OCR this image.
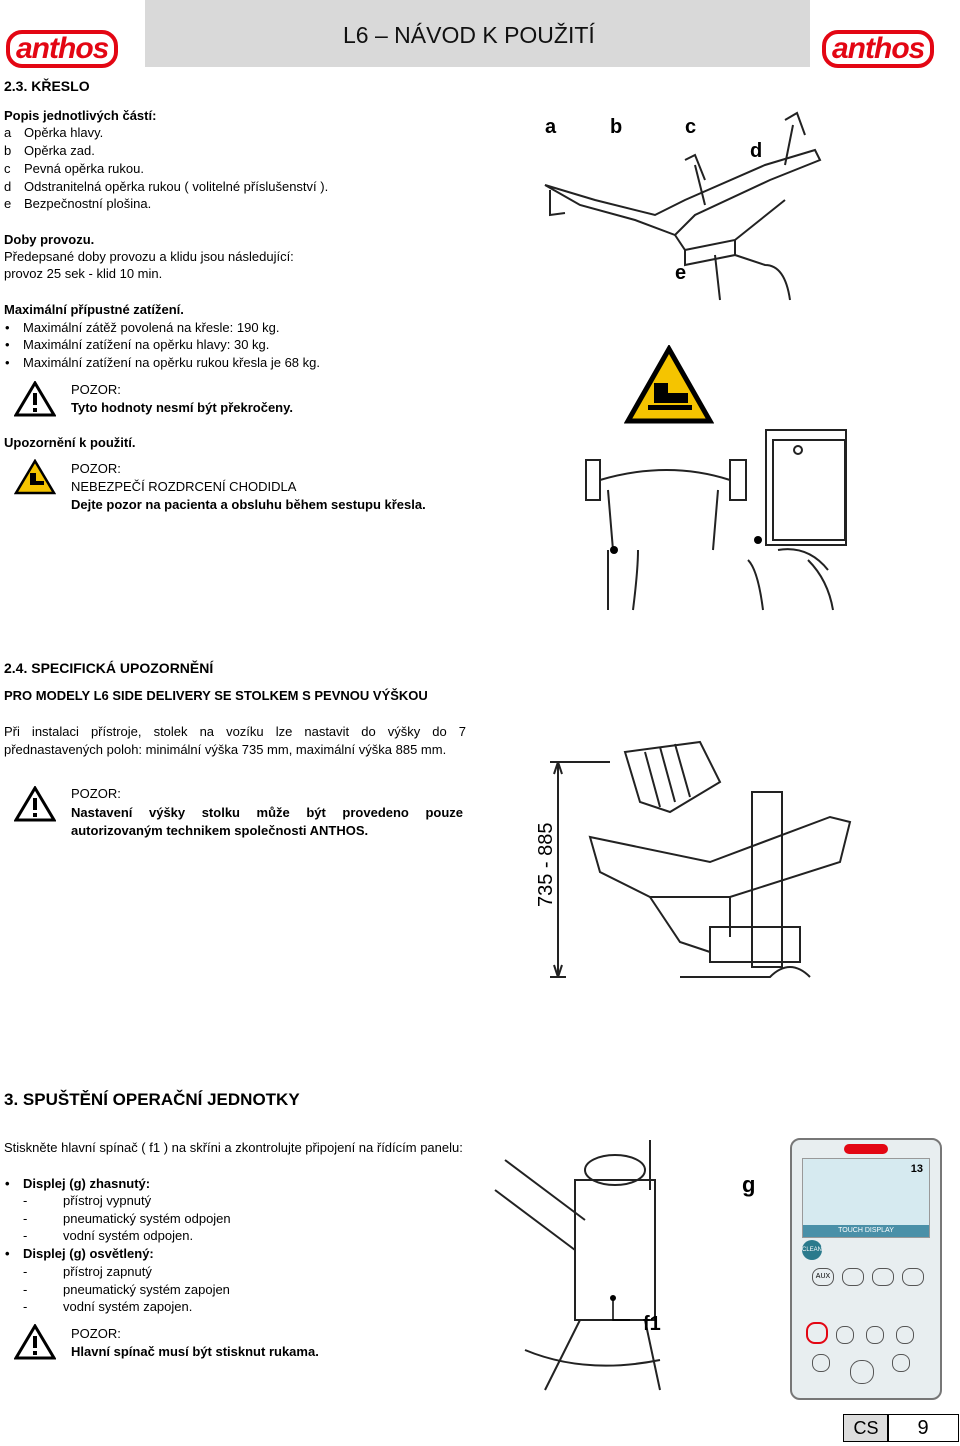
anthos	L6 – NÁVOD K POUŽITÍ	anthos
2.3. KŘESLO
Popis jednotlivých částí:
a Opěrka hlavy.
b Opěrka zad.
c Pevná opěrka rukou.
d Odstranitelná opěrka rukou ( volitelné příslušenství ).
e Bezpečnostní plošina.
Doby provozu.
Předepsané doby provozu a klidu jsou následující:
provoz 25 sek - klid 10 min.
Maximální přípustné zatížení.
• Maximální zátěž povolená na křesle: 190 kg.
• Maximální zatížení na opěrku hlavy: 30 kg.
• Maximální zatížení na opěrku rukou křesla je 68 kg.
POZOR:
Tyto hodnoty nesmí být překročeny.
Upozornění k použití.
POZOR:
NEBEZPEČÍ ROZDRCENÍ CHODIDLA
Dejte pozor na pacienta a obsluhu během sestupu křesla.
a	b	c
d
e
2.4. SPECIFICKÁ UPOZORNĚNÍ
PRO MODELY L6 SIDE DELIVERY SE STOLKEM S PEVNOU VÝŠKOU
Při instalaci přístroje, stolek na vozíku lze nastavit do výšky do 7 přednastavených poloh: minimální výška 735 mm, maximální výška 885 mm.
POZOR:
Nastavení výšky stolku může být provedeno pouze autorizovaným technikem společnosti ANTHOS.	735 - 885
3. SPUŠTĚNÍ OPERAČNÍ JEDNOTKY
Stiskněte hlavní spínač ( f1 ) na skříni a zkontrolujte připojení na řídícím panelu:
• Displej (g) zhasnutý:
-	přístroj vypnutý
-	pneumatický systém odpojen
-	vodní systém odpojen.
• Displej (g) osvětlený:
-	přístroj zapnutý
-	pneumatický systém zapojen
-	vodní systém zapojen.
POZOR:
Hlavní spínač musí být stisknut rukama.
f1
g
13
TOUCH DISPLAY
CLEAN
AUX
CS	9
